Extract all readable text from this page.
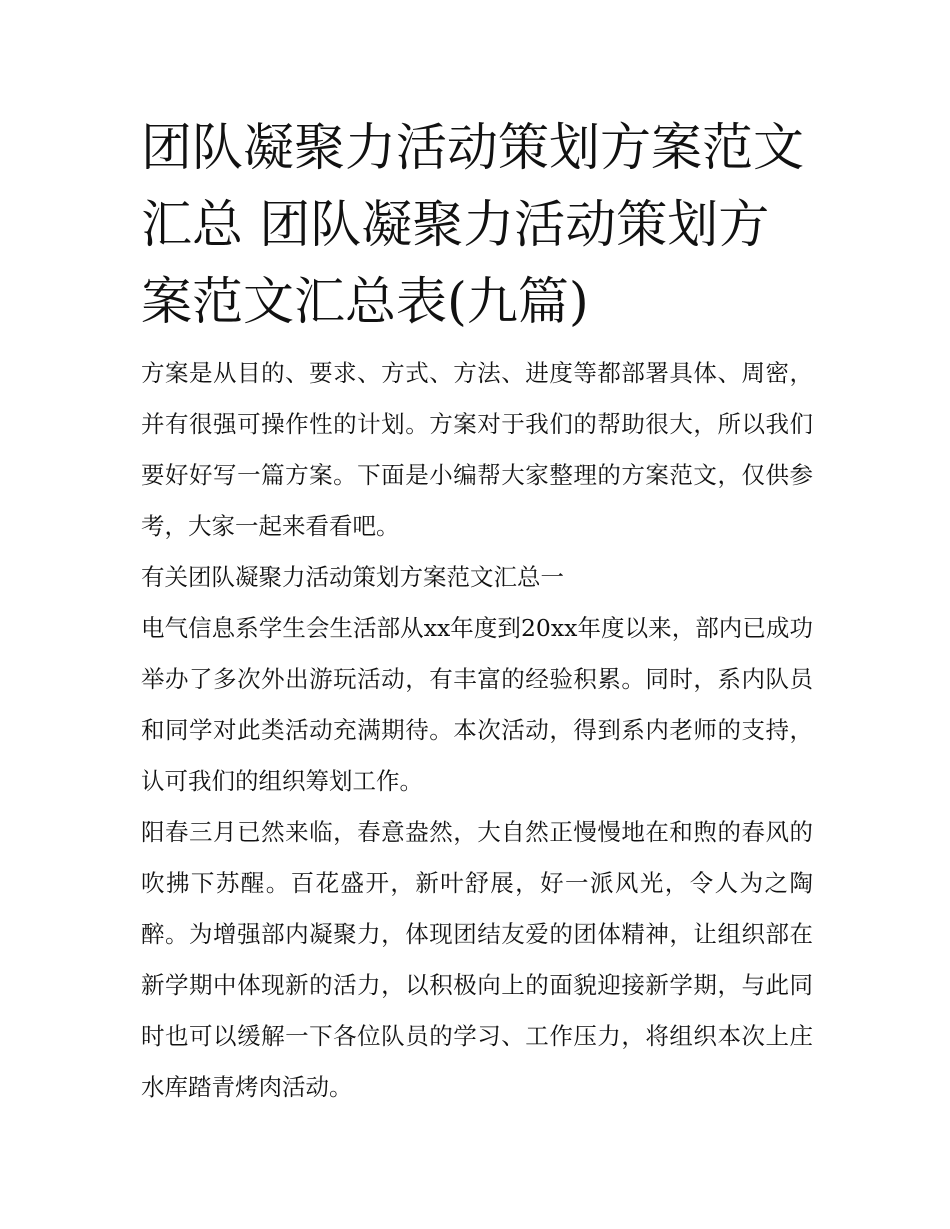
团队凝聚力活动策划方案范文汇总 团队凝聚力活动策划方案范文汇总表(九篇)

方案是从目的、要求、方式、方法、进度等都部署具体、周密，并有很强可操作性的计划。方案对于我们的帮助很大，所以我们要好好写一篇方案。下面是小编帮大家整理的方案范文，仅供参考，大家一起来看看吧。

有关团队凝聚力活动策划方案范文汇总一

电气信息系学生会生活部从xx年度到20xx年度以来，部内已成功举办了多次外出游玩活动，有丰富的经验积累。同时，系内队员和同学对此类活动充满期待。本次活动，得到系内老师的支持，认可我们的组织筹划工作。

阳春三月已然来临，春意盎然，大自然正慢慢地在和煦的春风的吹拂下苏醒。百花盛开，新叶舒展，好一派风光，令人为之陶醉。为增强部内凝聚力，体现团结友爱的团体精神，让组织部在新学期中体现新的活力，以积极向上的面貌迎接新学期，与此同时也可以缓解一下各位队员的学习、工作压力，将组织本次上庄水库踏青烤肉活动。
